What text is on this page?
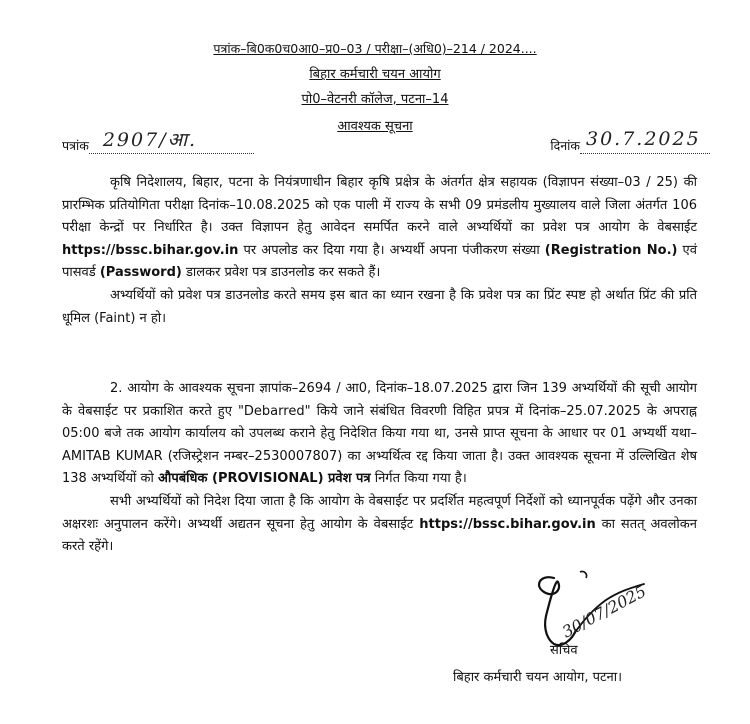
पत्रांक–बि0क0च0आ0–प्र0–03 / परीक्षा–(अधि0)–214 / 2024....
बिहार कर्मचारी चयन आयोग
पो0–वेटनरी कॉलेज, पटना–14
आवश्यक सूचना
पत्रांक 2907/आ.	दिनांक 30.7.2025

कृषि निदेशालय, बिहार, पटना के नियंत्रणाधीन बिहार कृषि प्रक्षेत्र के अंतर्गत क्षेत्र सहायक (विज्ञापन संख्या–03 / 25) की प्रारम्भिक प्रतियोगिता परीक्षा दिनांक–10.08.2025 को एक पाली में राज्य के सभी 09 प्रमंडलीय मुख्यालय वाले जिला अंतर्गत 106 परीक्षा केन्द्रों पर निर्धारित है। उक्त विज्ञापन हेतु आवेदन समर्पित करने वाले अभ्यर्थियों का प्रवेश पत्र आयोग के वेबसाईट https://bssc.bihar.gov.in पर अपलोड कर दिया गया है। अभ्यर्थी अपना पंजीकरण संख्या (Registration No.) एवं पासवर्ड (Password) डालकर प्रवेश पत्र डाउनलोड कर सकते हैं।

अभ्यर्थियों को प्रवेश पत्र डाउनलोड करते समय इस बात का ध्यान रखना है कि प्रवेश पत्र का प्रिंट स्पष्ट हो अर्थात प्रिंट की प्रति धूमिल (Faint) न हो।

2. आयोग के आवश्यक सूचना ज्ञापांक–2694 / आ0, दिनांक–18.07.2025 द्वारा जिन 139 अभ्यर्थियों की सूची आयोग के वेबसाईट पर प्रकाशित करते हुए "Debarred" किये जाने संबंधित विवरणी विहित प्रपत्र में दिनांक–25.07.2025 के अपराह्न 05:00 बजे तक आयोग कार्यालय को उपलब्ध कराने हेतु निदेशित किया गया था, उनसे प्राप्त सूचना के आधार पर 01 अभ्यर्थी यथा–AMITAB KUMAR (रजिस्ट्रेशन नम्बर–2530007807) का अभ्यर्थित्व रद्द किया जाता है। उक्त आवश्यक सूचना में उल्लिखित शेष 138 अभ्यर्थियों को औपबंधिक (PROVISIONAL) प्रवेश पत्र निर्गत किया गया है।

सभी अभ्यर्थियों को निदेश दिया जाता है कि आयोग के वेबसाईट पर प्रदर्शित महत्वपूर्ण निर्देशों को ध्यानपूर्वक पढ़ेंगे और उनका अक्षरशः अनुपालन करेंगे। अभ्यर्थी अद्यतन सूचना हेतु आयोग के वेबसाईट https://bssc.bihar.gov.in का सतत् अवलोकन करते रहेंगे।

30/07/2025
सचिव
बिहार कर्मचारी चयन आयोग, पटना।
